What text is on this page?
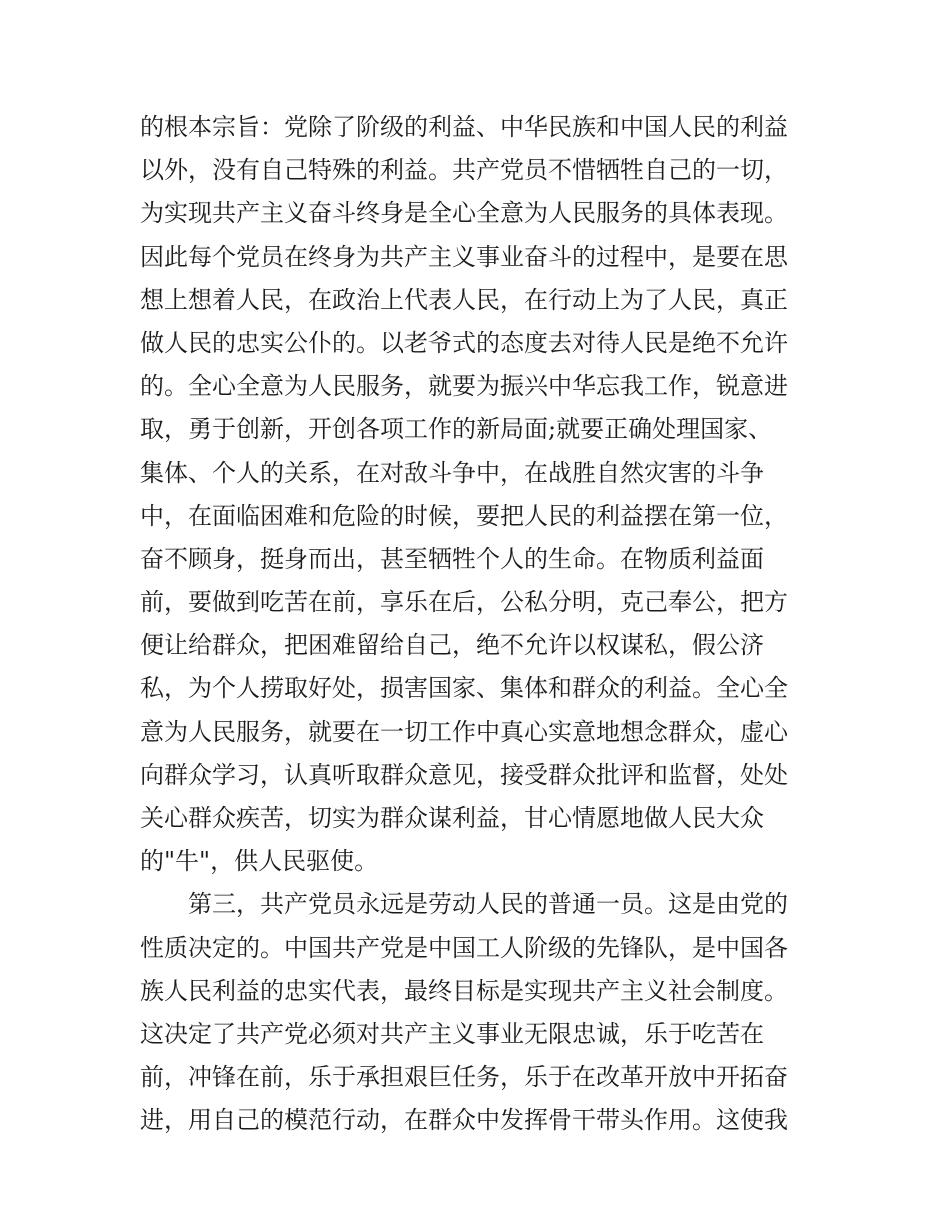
的根本宗旨：党除了阶级的利益、中华民族和中国人民的利益
以外，没有自己特殊的利益。共产党员不惜牺牲自己的一切，
为实现共产主义奋斗终身是全心全意为人民服务的具体表现。
因此每个党员在终身为共产主义事业奋斗的过程中，是要在思
想上想着人民，在政治上代表人民，在行动上为了人民，真正
做人民的忠实公仆的。以老爷式的态度去对待人民是绝不允许
的。全心全意为人民服务，就要为振兴中华忘我工作，锐意进
取，勇于创新，开创各项工作的新局面;就要正确处理国家、
集体、个人的关系，在对敌斗争中，在战胜自然灾害的斗争
中，在面临困难和危险的时候，要把人民的利益摆在第一位，
奋不顾身，挺身而出，甚至牺牲个人的生命。在物质利益面
前，要做到吃苦在前，享乐在后，公私分明，克己奉公，把方
便让给群众，把困难留给自己，绝不允许以权谋私，假公济
私，为个人捞取好处，损害国家、集体和群众的利益。全心全
意为人民服务，就要在一切工作中真心实意地想念群众，虚心
向群众学习，认真听取群众意见，接受群众批评和监督，处处
关心群众疾苦，切实为群众谋利益，甘心情愿地做人民大众
的"牛"，供人民驱使。
　　第三，共产党员永远是劳动人民的普通一员。这是由党的
性质决定的。中国共产党是中国工人阶级的先锋队，是中国各
族人民利益的忠实代表，最终目标是实现共产主义社会制度。
这决定了共产党必须对共产主义事业无限忠诚，乐于吃苦在
前，冲锋在前，乐于承担艰巨任务，乐于在改革开放中开拓奋
进，用自己的模范行动，在群众中发挥骨干带头作用。这使我
